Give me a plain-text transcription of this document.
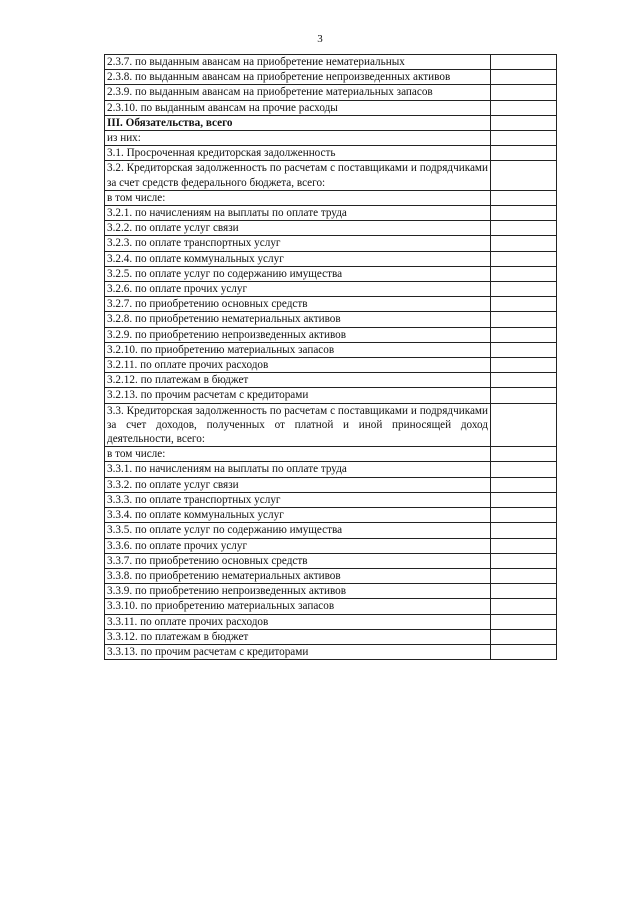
3
2.3.7. по выданным авансам на приобретение нематериальных	
2.3.8. по выданным авансам на приобретение непроизведенных активов	
2.3.9. по выданным авансам на приобретение материальных запасов	
2.3.10. по выданным авансам на прочие расходы	
III. Обязательства, всего	
из них:	
3.1. Просроченная кредиторская задолженность	
3.2. Кредиторская задолженность по расчетам с поставщиками и подрядчиками за счет средств федерального бюджета, всего:	
в том числе:	
3.2.1. по начислениям на выплаты по оплате труда	
3.2.2. по оплате услуг связи	
3.2.3. по оплате транспортных услуг	
3.2.4. по оплате коммунальных услуг	
3.2.5. по оплате услуг по содержанию имущества	
3.2.6. по оплате прочих услуг	
3.2.7. по приобретению основных средств	
3.2.8. по приобретению нематериальных активов	
3.2.9. по приобретению непроизведенных активов	
3.2.10. по приобретению материальных запасов	
3.2.11. по оплате прочих расходов	
3.2.12. по платежам в бюджет	
3.2.13. по прочим расчетам с кредиторами	
3.3. Кредиторская задолженность по расчетам с поставщиками и подрядчиками за счет доходов, полученных от платной и иной приносящей доход деятельности, всего:	
в том числе:	
3.3.1. по начислениям на выплаты по оплате труда	
3.3.2. по оплате услуг связи	
3.3.3. по оплате транспортных услуг	
3.3.4. по оплате коммунальных услуг	
3.3.5. по оплате услуг по содержанию имущества	
3.3.6. по оплате прочих услуг	
3.3.7. по приобретению основных средств	
3.3.8. по приобретению нематериальных активов	
3.3.9. по приобретению непроизведенных активов	
3.3.10. по приобретению материальных запасов	
3.3.11. по оплате прочих расходов	
3.3.12. по платежам в бюджет	
3.3.13. по прочим расчетам с кредиторами	
